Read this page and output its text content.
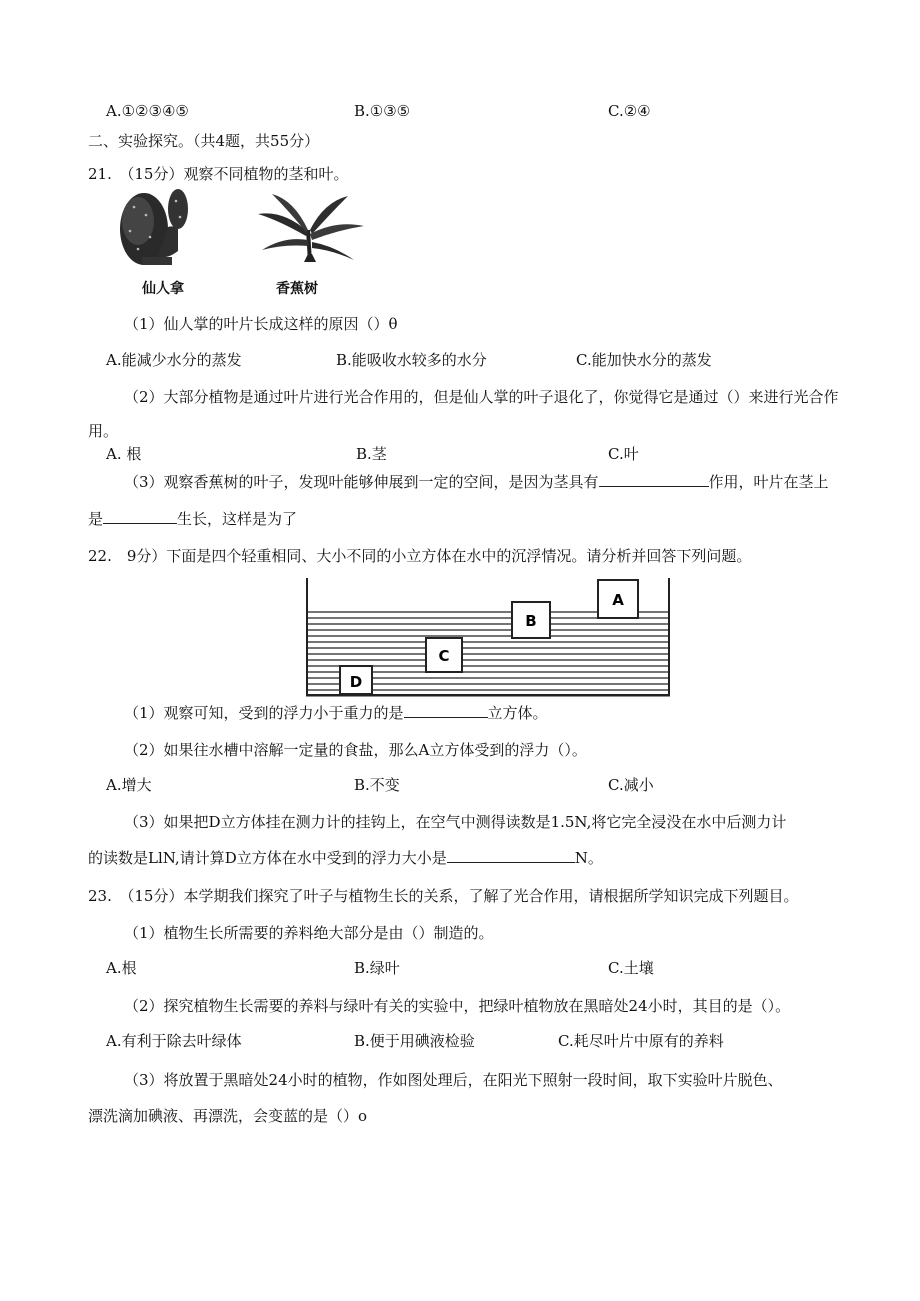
A.①②③④⑤	B.①③⑤	C.②④
二、实验探究。（共4题，共55分）
21.　（15分）观察不同植物的茎和叶。
仙人拿	香蕉树
（1）仙人掌的叶片长成这样的原因（）θ
A.能减少水分的蒸发	B.能吸收水较多的水分	C.能加快水分的蒸发
（2）大部分植物是通过叶片进行光合作用的，但是仙人掌的叶子退化了，你觉得它是通过（）来进行光合作
用。
A. 根	B.茎	C.叶
（3）观察香蕉树的叶子，发现叶能够伸展到一定的空间，是因为茎具有	作用，叶片在茎上
是	生长，这样是为了
22.　9分）下面是四个轻重相同、大小不同的小立方体在水中的沉浮情况。请分析并回答下列问题。
A
B
C
D
（1）观察可知，受到的浮力小于重力的是	立方体。
（2）如果往水槽中溶解一定量的食盐，那么A立方体受到的浮力（）。
A.增大	B.不变	C.减小
（3）如果把D立方体挂在测力计的挂钩上，在空气中测得读数是1.5N,将它完全浸没在水中后测力计
的读数是LlN,请计算D立方体在水中受到的浮力大小是	N。
23.　（15分）本学期我们探究了叶子与植物生长的关系，了解了光合作用，请根据所学知识完成下列题目。
（1）植物生长所需要的养料绝大部分是由（）制造的。
A.根	B.绿叶	C.土壤
（2）探究植物生长需要的养料与绿叶有关的实验中，把绿叶植物放在黑暗处24小时，其目的是（）。
A.有利于除去叶绿体	B.便于用碘液检验	C.耗尽叶片中原有的养料
（3）将放置于黑暗处24小时的植物，作如图处理后，在阳光下照射一段时间，取下实验叶片脱色、
漂洗滴加碘液、再漂洗，会变蓝的是（）o
